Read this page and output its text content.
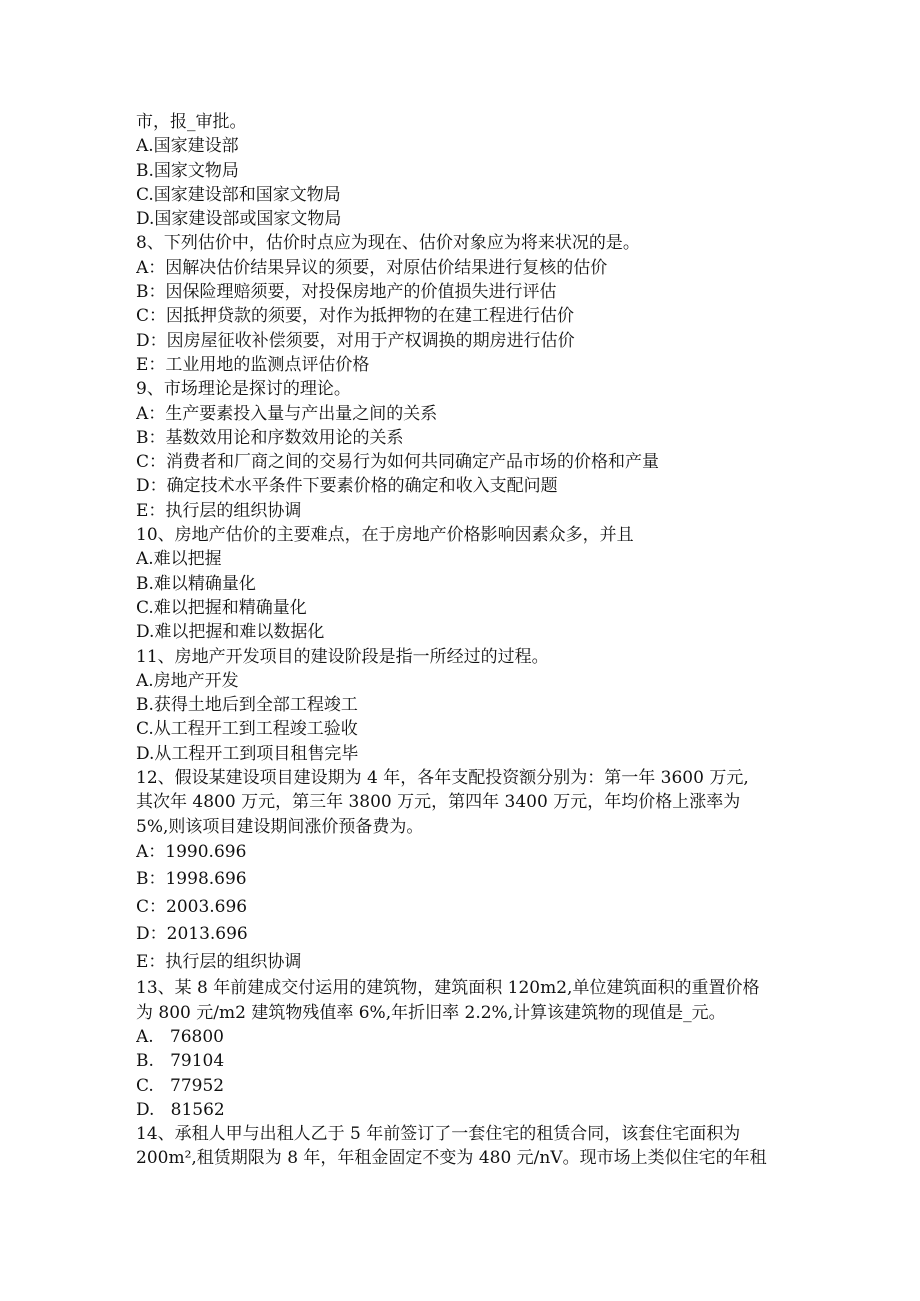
市，报_审批。
A.国家建设部
B.国家文物局
C.国家建设部和国家文物局
D.国家建设部或国家文物局
8、下列估价中，估价时点应为现在、估价对象应为将来状况的是。
A：因解决估价结果异议的须要，对原估价结果进行复核的估价
B：因保险理赔须要，对投保房地产的价值损失进行评估
C：因抵押贷款的须要，对作为抵押物的在建工程进行估价
D：因房屋征收补偿须要，对用于产权调换的期房进行估价
E：工业用地的监测点评估价格
9、市场理论是探讨的理论。
A：生产要素投入量与产出量之间的关系
B：基数效用论和序数效用论的关系
C：消费者和厂商之间的交易行为如何共同确定产品市场的价格和产量
D：确定技术水平条件下要素价格的确定和收入支配问题
E：执行层的组织协调
10、房地产估价的主要难点，在于房地产价格影响因素众多，并且
A.难以把握
B.难以精确量化
C.难以把握和精确量化
D.难以把握和难以数据化
11、房地产开发项目的建设阶段是指一所经过的过程。
A.房地产开发
B.获得土地后到全部工程竣工
C.从工程开工到工程竣工验收
D.从工程开工到项目租售完毕
12、假设某建设项目建设期为 4 年，各年支配投资额分别为：第一年 3600 万元,
其次年 4800 万元，第三年 3800 万元，第四年 3400 万元，年均价格上涨率为
5%,则该项目建设期间涨价预备费为。
A：1990.696
B：1998.696
C：2003.696
D：2013.696
E：执行层的组织协调
13、某 8 年前建成交付运用的建筑物，建筑面积 120m2,单位建筑面积的重置价格
为 800 元/m2 建筑物残值率 6%,年折旧率 2.2%,计算该建筑物的现值是_元。
A.   76800
B.   79104
C.   77952
D.   81562
14、承租人甲与出租人乙于 5 年前签订了一套住宅的租赁合同，该套住宅面积为
200m²,租赁期限为 8 年，年租金固定不变为 480 元/nV。现市场上类似住宅的年租
